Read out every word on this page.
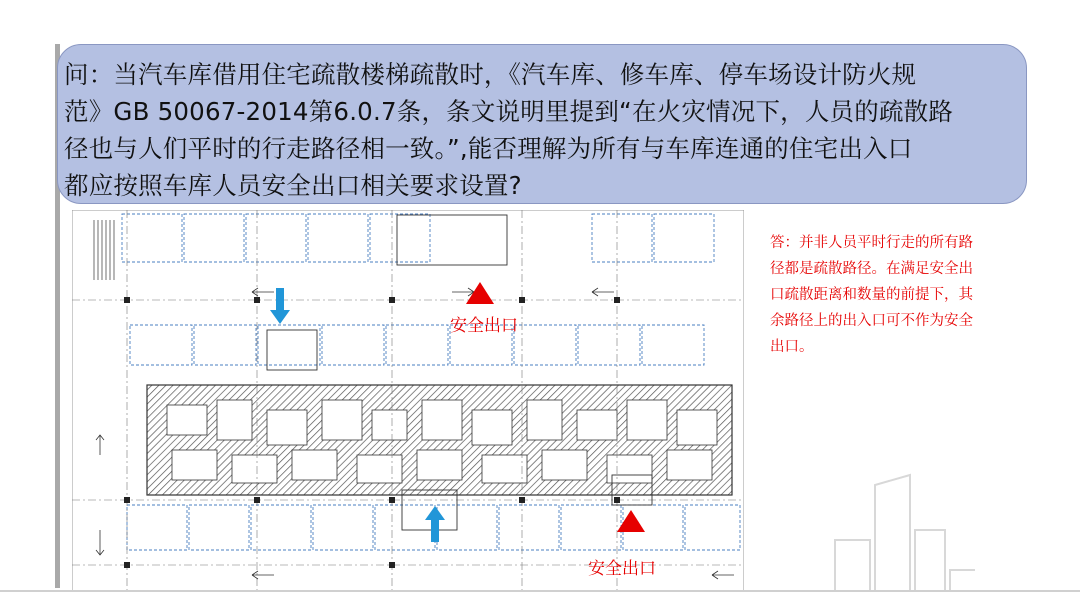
问：当汽车库借用住宅疏散楼梯疏散时，《汽车库、修车库、停车场设计防火规
范》GB 50067-2014第6.0.7条，条文说明里提到“在火灾情况下，人员的疏散路
径也与人们平时的行走路径相一致。”,能否理解为所有与车库连通的住宅出入口
都应按照车库人员安全出口相关要求设置?

安全出口
安全出口

答：并非人员平时行走的所有路
径都是疏散路径。在满足安全出
口疏散距离和数量的前提下，其
余路径上的出入口可不作为安全
出口。
